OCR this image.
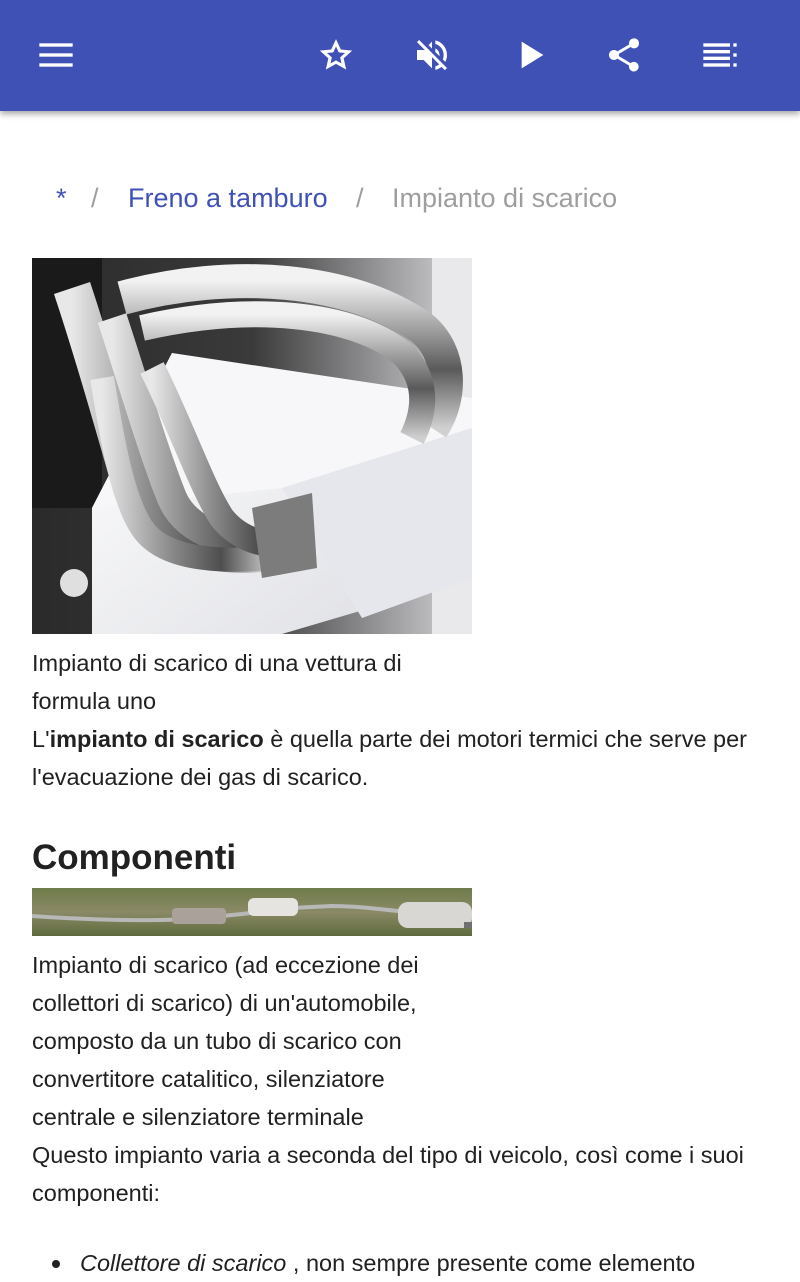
* / Freno a tamburo / Impianto di scarico
Impianto di scarico di una vettura di formula uno
L'impianto di scarico è quella parte dei motori termici che serve per l'evacuazione dei gas di scarico.
Componenti
Impianto di scarico (ad eccezione dei collettori di scarico) di un'automobile, composto da un tubo di scarico con convertitore catalitico, silenziatore centrale e silenziatore terminale
Questo impianto varia a seconda del tipo di veicolo, così come i suoi componenti:
Collettore di scarico , non sempre presente come elemento
